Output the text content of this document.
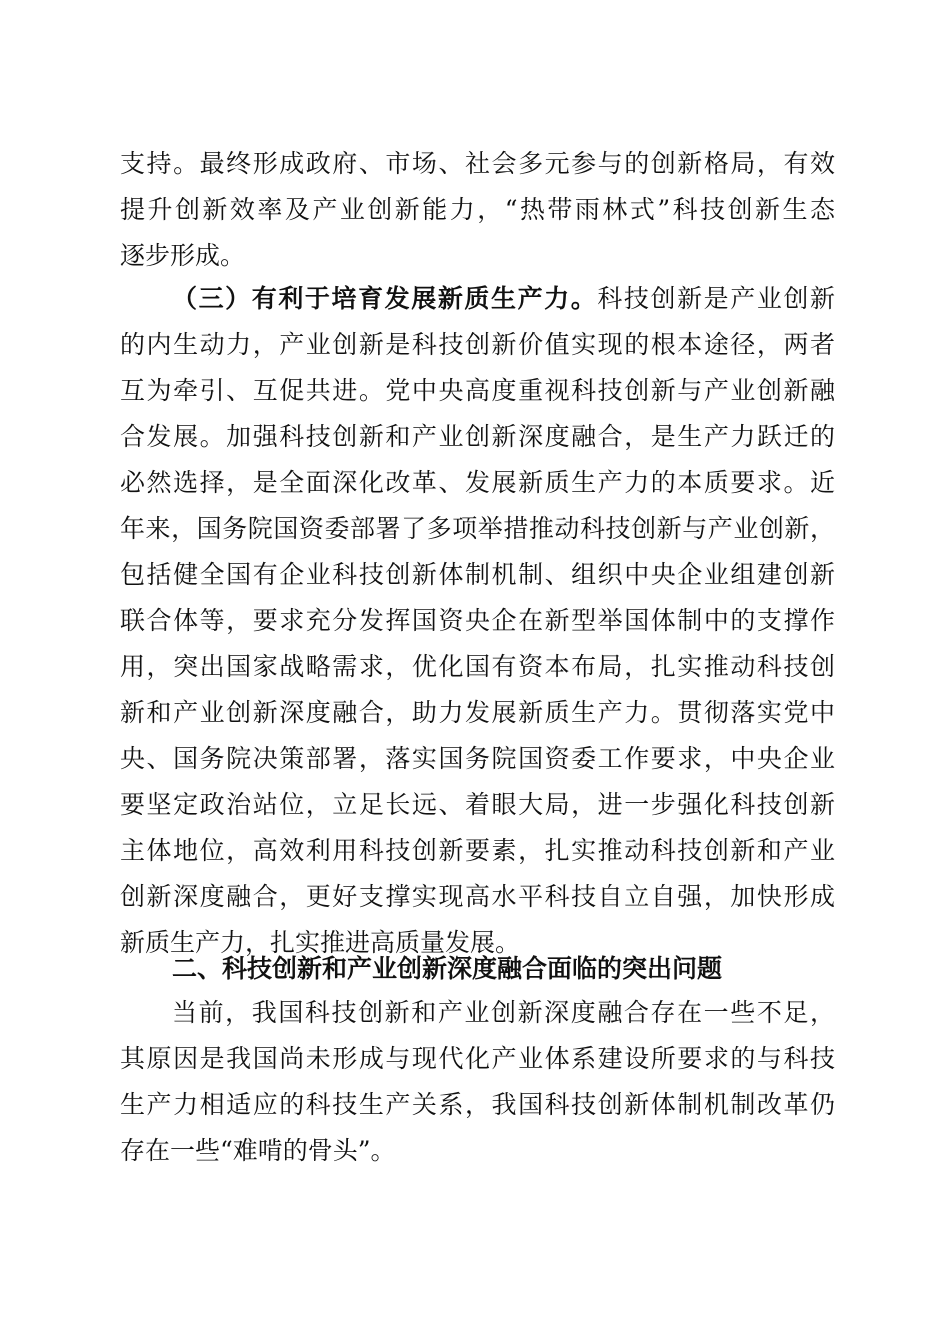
支持。最终形成政府、市场、社会多元参与的创新格局，有效
提升创新效率及产业创新能力，“热带雨林式”科技创新生态
逐步形成。
（三）有利于培育发展新质生产力。科技创新是产业创新
的内生动力，产业创新是科技创新价值实现的根本途径，两者
互为牵引、互促共进。党中央高度重视科技创新与产业创新融
合发展。加强科技创新和产业创新深度融合，是生产力跃迁的
必然选择，是全面深化改革、发展新质生产力的本质要求。近
年来，国务院国资委部署了多项举措推动科技创新与产业创新，
包括健全国有企业科技创新体制机制、组织中央企业组建创新
联合体等，要求充分发挥国资央企在新型举国体制中的支撑作
用，突出国家战略需求，优化国有资本布局，扎实推动科技创
新和产业创新深度融合，助力发展新质生产力。贯彻落实党中
央、国务院决策部署，落实国务院国资委工作要求，中央企业
要坚定政治站位，立足长远、着眼大局，进一步强化科技创新
主体地位，高效利用科技创新要素，扎实推动科技创新和产业
创新深度融合，更好支撑实现高水平科技自立自强，加快形成
新质生产力，扎实推进高质量发展。
二、科技创新和产业创新深度融合面临的突出问题
当前，我国科技创新和产业创新深度融合存在一些不足，
其原因是我国尚未形成与现代化产业体系建设所要求的与科技
生产力相适应的科技生产关系，我国科技创新体制机制改革仍
存在一些“难啃的骨头”。
